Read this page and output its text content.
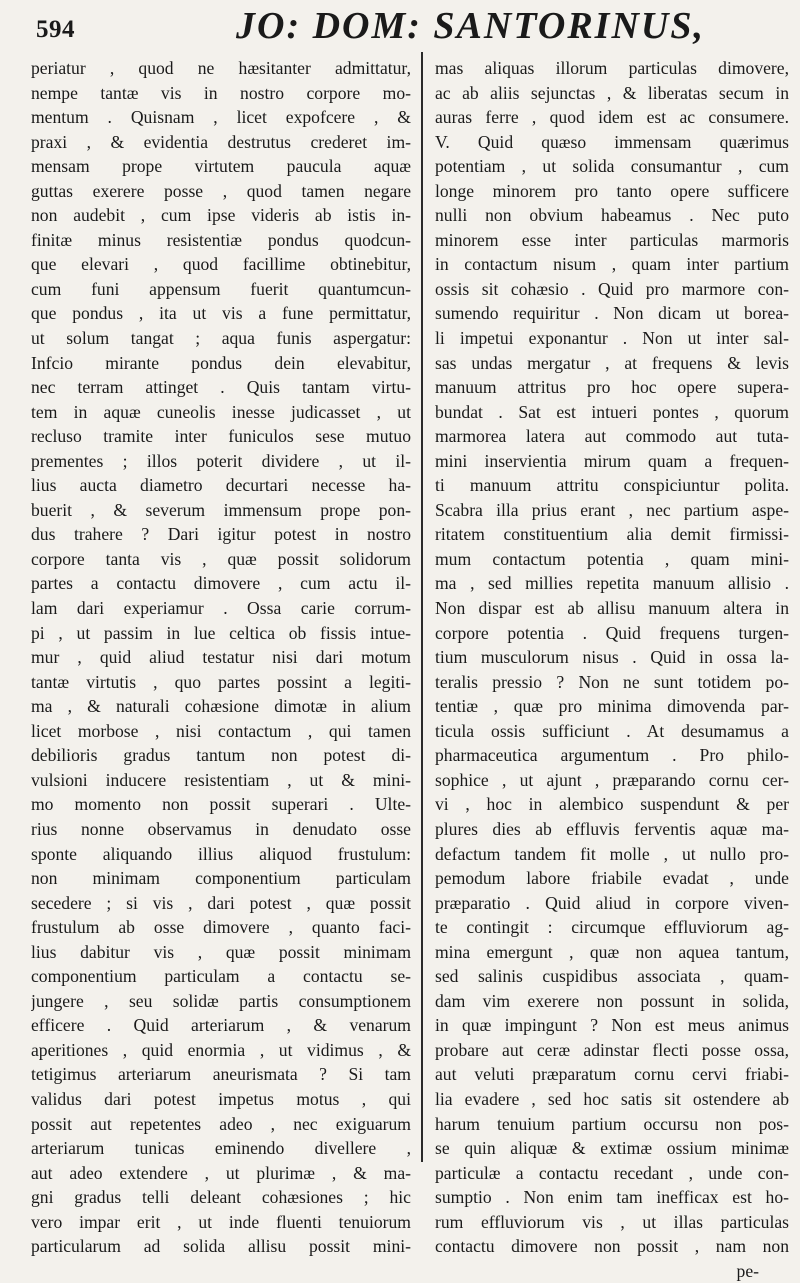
594	JO: DOM: SANTORINUS,
periatur , quod ne hæsitanter admittatur,
nempe tantæ vis in nostro corpore mo-
mentum . Quisnam , licet expofcere , &
praxi , & evidentia destrutus crederet im-
mensam prope virtutem paucula aquæ
guttas exerere posse , quod tamen negare
non audebit , cum ipse videris ab istis in-
finitæ minus resistentiæ pondus quodcun-
que elevari , quod facillime obtinebitur,
cum funi appensum fuerit quantumcun-
que pondus , ita ut vis a fune permittatur,
ut solum tangat ; aqua funis aspergatur:
Infcio mirante pondus dein elevabitur,
nec terram attinget . Quis tantam virtu-
tem in aquæ cuneolis inesse judicasset , ut
recluso tramite inter funiculos sese mutuo
prementes ; illos poterit dividere , ut il-
lius aucta diametro decurtari necesse ha-
buerit , & severum immensum prope pon-
dus trahere ? Dari igitur potest in nostro
corpore tanta vis , quæ possit solidorum
partes a contactu dimovere , cum actu il-
lam dari experiamur . Ossa carie corrum-
pi , ut passim in lue celtica ob fissis intue-
mur , quid aliud testatur nisi dari motum
tantæ virtutis , quo partes possint a legiti-
ma , & naturali cohæsione dimotæ in alium
licet morbose , nisi contactum , qui tamen
debilioris gradus tantum non potest di-
vulsioni inducere resistentiam , ut & mini-
mo momento non possit superari . Ulte-
rius nonne observamus in denudato osse
sponte aliquando illius aliquod frustulum:
non minimam componentium particulam
secedere ; si vis , dari potest , quæ possit
frustulum ab osse dimovere , quanto faci-
lius dabitur vis , quæ possit minimam
componentium particulam a contactu se-
jungere , seu solidæ partis consumptionem
efficere . Quid arteriarum , & venarum
aperitiones , quid enormia , ut vidimus , &
tetigimus arteriarum aneurismata ? Si tam
validus dari potest impetus motus , qui
possit aut repetentes adeo , nec exiguarum
arteriarum tunicas eminendo divellere ,
aut adeo extendere , ut plurimæ , & ma-
gni gradus telli deleant cohæsiones ; hic
vero impar erit , ut inde fluenti tenuiorum
particularum ad solida allisu possit mini-
mas aliquas illorum particulas dimovere,
ac ab aliis sejunctas , & liberatas secum in
auras ferre , quod idem est ac consumere.
V. Quid quæso immensam quærimus
potentiam , ut solida consumantur , cum
longe minorem pro tanto opere sufficere
nulli non obvium habeamus . Nec puto
minorem esse inter particulas marmoris
in contactum nisum , quam inter partium
ossis sit cohæsio . Quid pro marmore con-
sumendo requiritur . Non dicam ut borea-
li impetui exponantur . Non ut inter sal-
sas undas mergatur , at frequens & levis
manuum attritus pro hoc opere supera-
bundat . Sat est intueri pontes , quorum
marmorea latera aut commodo aut tuta-
mini inservientia mirum quam a frequen-
ti manuum attritu conspiciuntur polita.
Scabra illa prius erant , nec partium aspe-
ritatem constituentium alia demit firmissi-
mum contactum potentia , quam mini-
ma , sed millies repetita manuum allisio .
Non dispar est ab allisu manuum altera in
corpore potentia . Quid frequens turgen-
tium musculorum nisus . Quid in ossa la-
teralis pressio ? Non ne sunt totidem po-
tentiæ , quæ pro minima dimovenda par-
ticula ossis sufficiunt . At desumamus a
pharmaceutica argumentum . Pro philo-
sophice , ut ajunt , præparando cornu cer-
vi , hoc in alembico suspendunt & per
plures dies ab effluvis ferventis aquæ ma-
defactum tandem fit molle , ut nullo pro-
pemodum labore friabile evadat , unde
præparatio . Quid aliud in corpore viven-
te contingit : circumque effluviorum ag-
mina emergunt , quæ non aquea tantum,
sed salinis cuspidibus associata , quam-
dam vim exerere non possunt in solida,
in quæ impingunt ? Non est meus animus
probare aut ceræ adinstar flecti posse ossa,
aut veluti præparatum cornu cervi friabi-
lia evadere , sed hoc satis sit ostendere ab
harum tenuium partium occursu non pos-
se quin aliquæ & extimæ ossium minimæ
particulæ a contactu recedant , unde con-
sumptio . Non enim tam inefficax est ho-
rum effluviorum vis , ut illas particulas
contactu dimovere non possit , nam non
pe-
